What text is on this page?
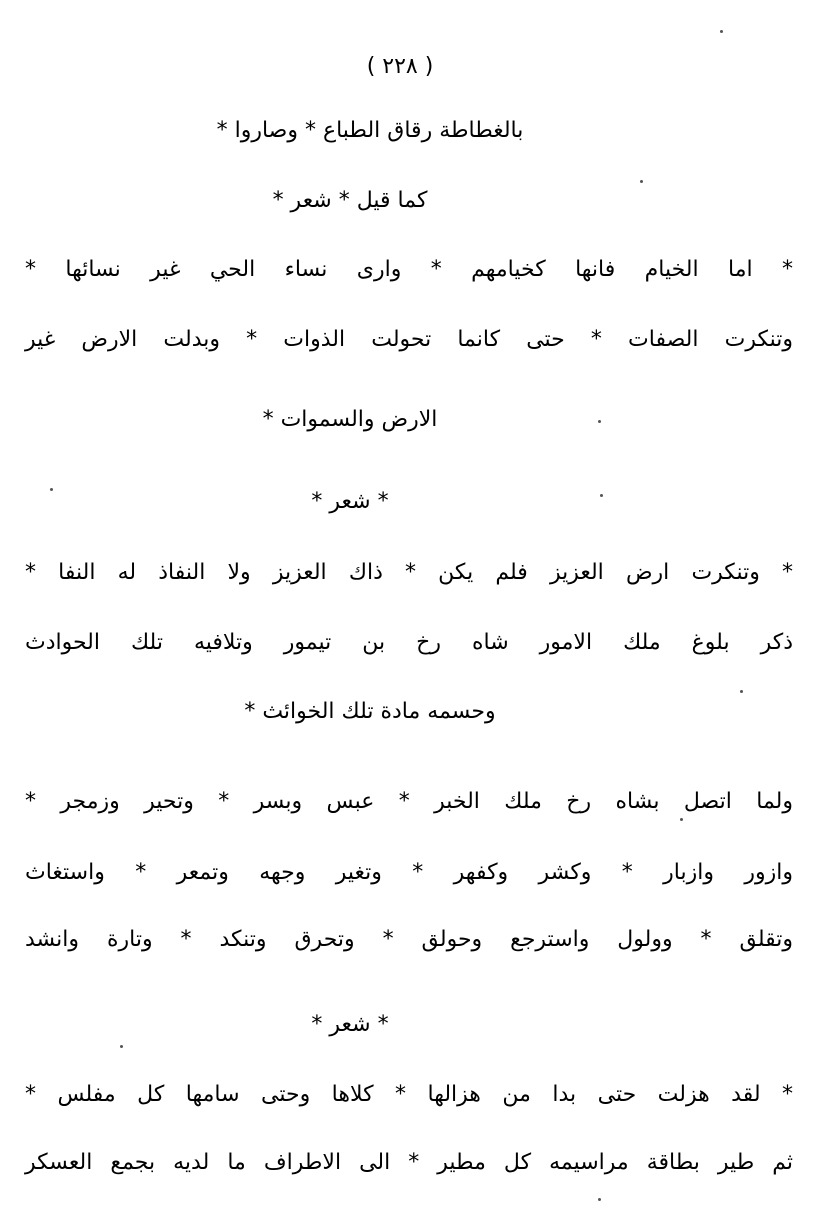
( ٢٢٨ )
بالغطاطة رقاق الطباع * وصاروا *
كما قيل * شعر *
* اما الخيام فانها كخيامهم * وارى نساء الحي غير نسائها *
وتنكرت الصفات * حتى كانما تحولت الذوات * وبدلت الارض غير
الارض والسموات *
* شعر *
* وتنكرت ارض العزيز فلم يكن * ذاك العزيز ولا النفاذ له النفا *
ذكر بلوغ ملك الامور شاه رخ بن تيمور وتلافيه تلك الحوادث
وحسمه مادة تلك الخوائث *
ولما اتصل بشاه رخ ملك الخبر * عبس وبسر * وتحير وزمجر *
وازور وازبار * وكشر وكفهر * وتغير وجهه وتمعر * واستغاث
وتقلق * وولول واسترجع وحولق * وتحرق وتنكد * وتارة وانشد
* شعر *
* لقد هزلت حتى بدا من هزالها * كلاها وحتى سامها كل مفلس *
ثم طير بطاقة مراسيمه كل مطير * الى الاطراف ما لديه بجمع العسكر
